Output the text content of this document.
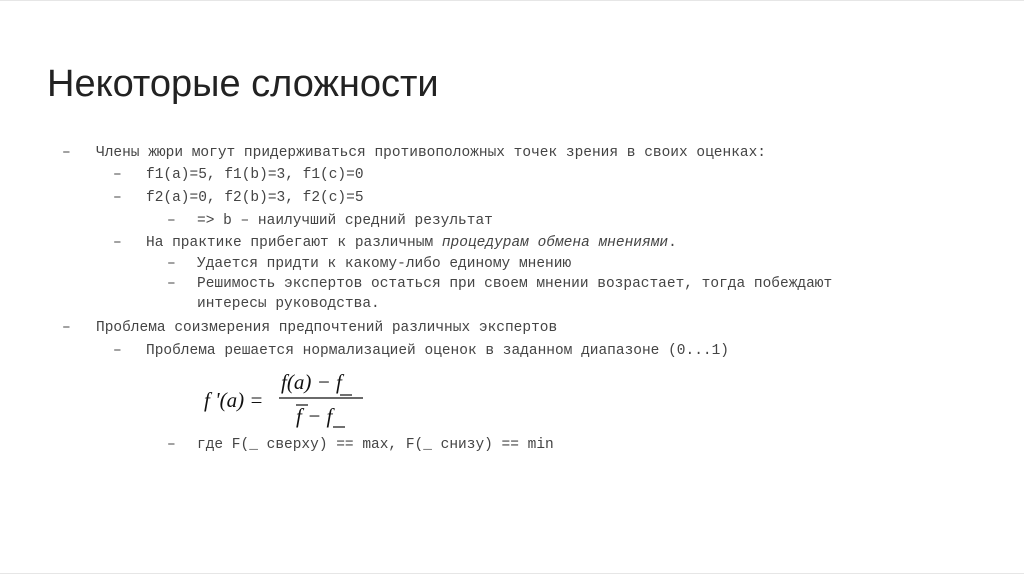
Некоторые сложности
– Члены жюри могут придерживаться противоположных точек зрения в своих оценках:
– f1(a)=5, f1(b)=3, f1(c)=0
– f2(a)=0, f2(b)=3, f2(c)=5
– => b – наилучший средний результат
– На практике прибегают к различным процедурам обмена мнениями.
– Удается придти к какому-либо единому мнению
– Решимость экспертов остаться при своем мнении возрастает, тогда побеждают
интересы руководства.
– Проблема соизмерения предпочтений различных экспертов
– Проблема решается нормализацией оценок в заданном диапазоне (0...1)
f '(a) =
f(a) − f
f − f
– где F(_ сверху) == max, F(_ снизу) == min
